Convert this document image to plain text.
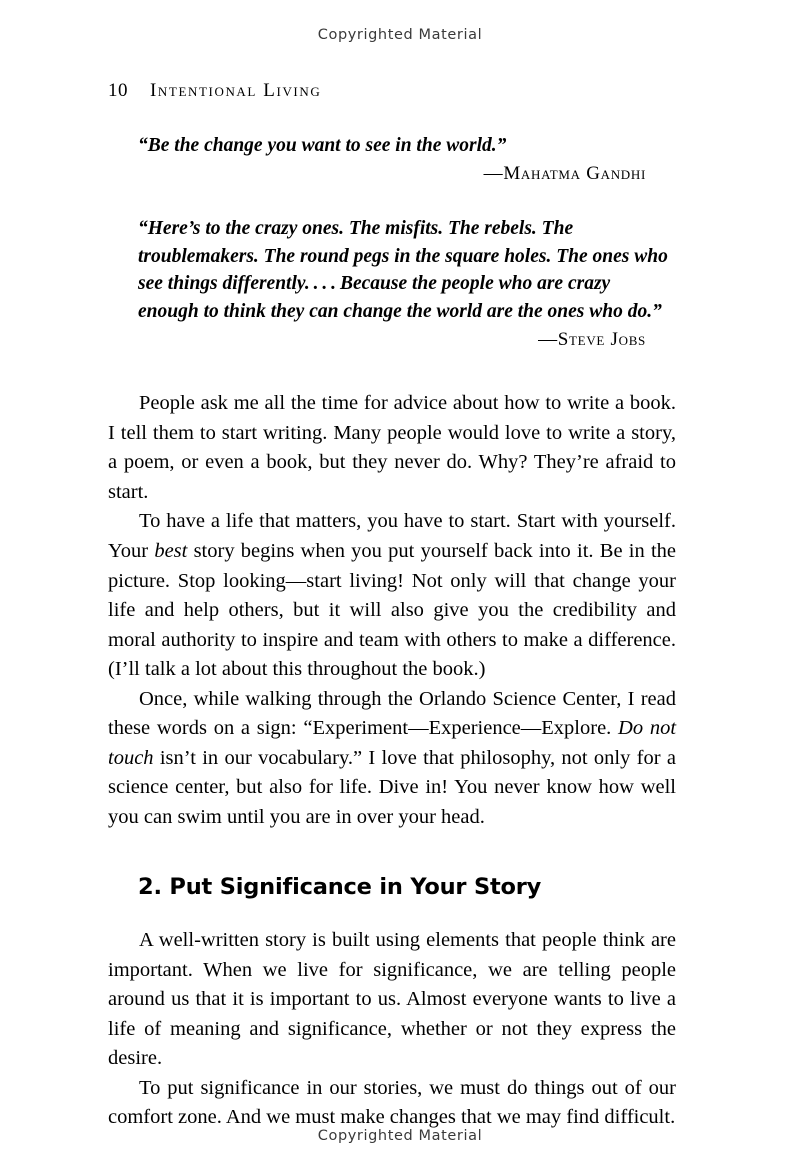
Copyrighted Material
10 Intentional Living

“Be the change you want to see in the world.”

—Mahatma Gandhi

“Here’s to the crazy ones. The misfits. The rebels. The troublemakers. The round pegs in the square holes. The ones who see things differently. . . . Because the people who are crazy enough to think they can change the world are the ones who do.”

—Steve Jobs

People ask me all the time for advice about how to write a book. I tell them to start writing. Many people would love to write a story, a poem, or even a book, but they never do. Why? They’re afraid to start.

To have a life that matters, you have to start. Start with yourself. Your best story begins when you put yourself back into it. Be in the picture. Stop looking—start living! Not only will that change your life and help others, but it will also give you the credibility and moral authority to inspire and team with others to make a difference. (I’ll talk a lot about this throughout the book.)

Once, while walking through the Orlando Science Center, I read these words on a sign: “Experiment—Experience—Explore. Do not touch isn’t in our vocabulary.” I love that philosophy, not only for a science center, but also for life. Dive in! You never know how well you can swim until you are in over your head.

2. Put Significance in Your Story

A well-written story is built using elements that people think are important. When we live for significance, we are telling people around us that it is important to us. Almost everyone wants to live a life of meaning and significance, whether or not they express the desire.

To put significance in our stories, we must do things out of our comfort zone. And we must make changes that we may find difficult.

Copyrighted Material
